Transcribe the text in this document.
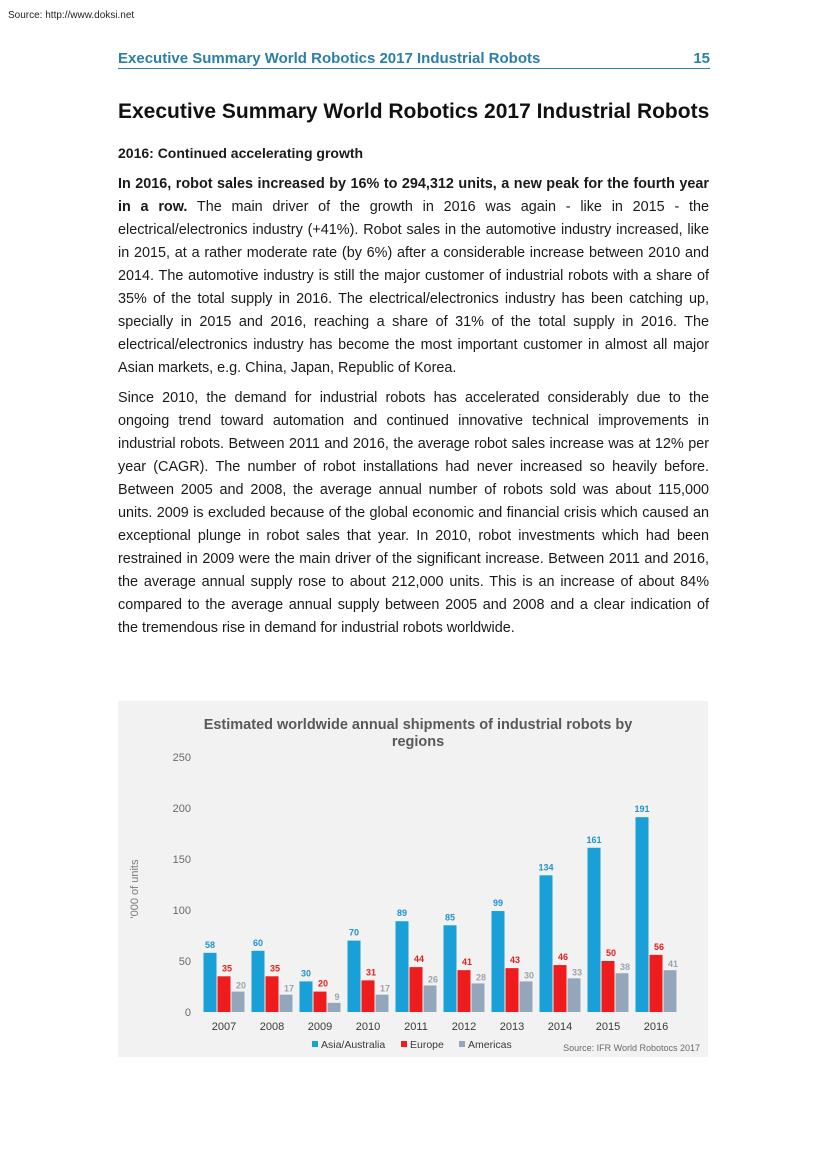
Source: http://www.doksi.net
Executive Summary World Robotics 2017 Industrial Robots	15
Executive Summary World Robotics 2017 Industrial Robots
2016: Continued accelerating growth

In 2016, robot sales increased by 16% to 294,312 units, a new peak for the fourth year in a row. The main driver of the growth in 2016 was again - like in 2015 - the electrical/electronics industry (+41%). Robot sales in the automotive industry increased, like in 2015, at a rather moderate rate (by 6%) after a considerable increase between 2010 and 2014. The automotive industry is still the major customer of industrial robots with a share of 35% of the total supply in 2016. The electrical/electronics industry has been catching up, specially in 2015 and 2016, reaching a share of 31% of the total supply in 2016. The electrical/electronics industry has become the most important customer in almost all major Asian markets, e.g. China, Japan, Republic of Korea.

Since 2010, the demand for industrial robots has accelerated considerably due to the ongoing trend toward automation and continued innovative technical improvements in industrial robots. Between 2011 and 2016, the average robot sales increase was at 12% per year (CAGR). The number of robot installations had never increased so heavily before. Between 2005 and 2008, the average annual number of robots sold was about 115,000 units. 2009 is excluded because of the global economic and financial crisis which caused an exceptional plunge in robot sales that year. In 2010, robot investments which had been restrained in 2009 were the main driver of the significant increase. Between 2011 and 2016, the average annual supply rose to about 212,000 units. This is an increase of about 84% compared to the average annual supply between 2005 and 2008 and a clear indication of the tremendous rise in demand for industrial robots worldwide.

Estimated worldwide annual shipments of industrial robots by
regions
'000 of units
0
50
100
150
200
250
58
35
20
60
35
17
30
20
9
70
31
17
89
44
26
85
41
28
99
43
30
134
46
33
161
50
38
191
56
41
2007 2008 2009 2010 2011 2012 2013 2014 2015 2016
Asia/Australia Europe Americas	Source: IFR World Robotocs 2017
